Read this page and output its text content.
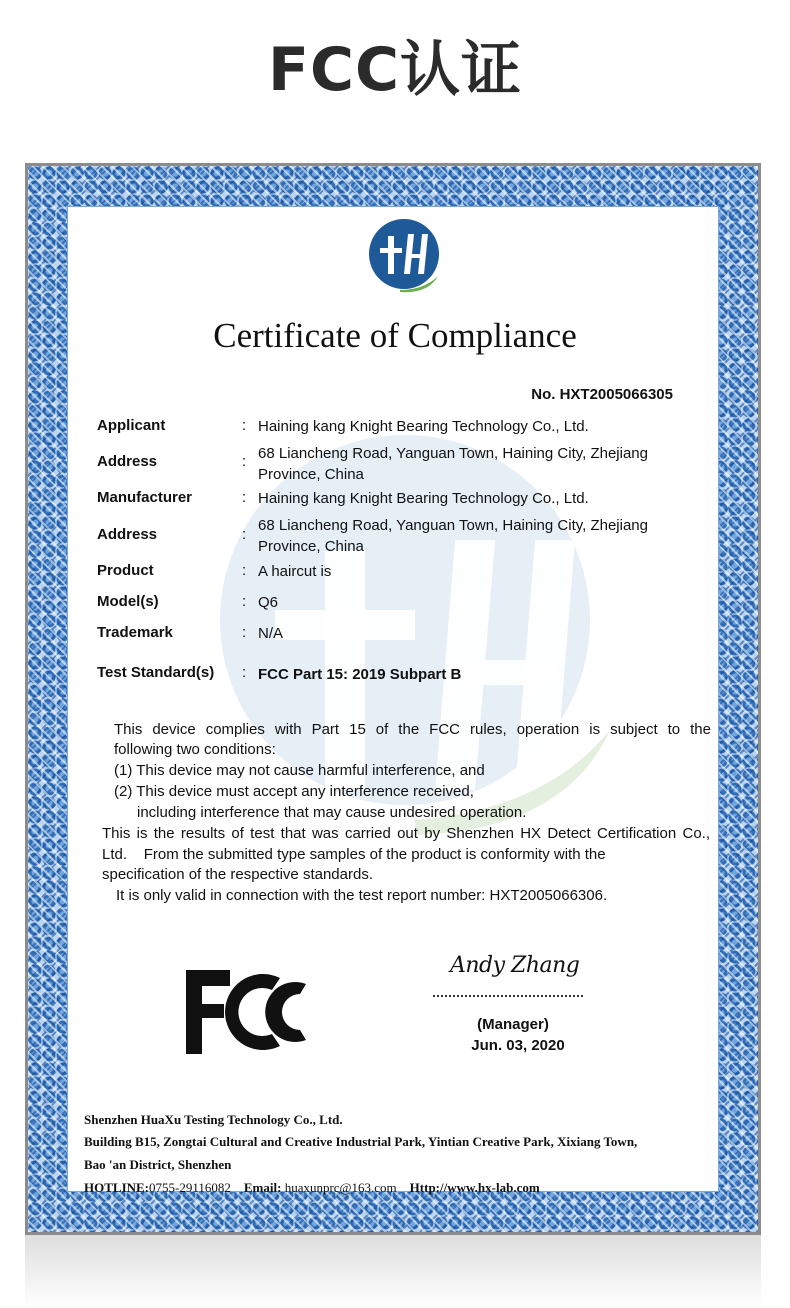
FCC认证
Certificate of Compliance
No. HXT2005066305
Applicant	: Haining kang Knight Bearing Technology Co., Ltd.
Address	: 68 Liancheng Road, Yanguan Town, Haining City, Zhejiang
Province, China
Manufacturer	: Haining kang Knight Bearing Technology Co., Ltd.
Address	:
68 Liancheng Road, Yanguan Town, Haining City, Zhejiang
Province, China
Product	: A haircut is
Model(s)	: Q6
Trademark	: N/A
Test Standard(s) : FCC Part 15: 2019 Subpart B
This device complies with Part 15 of the FCC rules, operation is subject to the
following two conditions:
(1) This device may not cause harmful interference, and
(2) This device must accept any interference received,
including interference that may cause undesired operation.
This is the results of test that was carried out by Shenzhen HX Detect Certification Co.,
Ltd.    From the submitted type samples of the product is conformity with the
specification of the respective standards.
It is only valid in connection with the test report number: HXT2005066306.
Andy Zhang
(Manager)
Jun. 03, 2020
Shenzhen HuaXu Testing Technology Co., Ltd.
Building B15, Zongtai Cultural and Creative Industrial Park, Yintian Creative Park, Xixiang Town,
Bao 'an District, Shenzhen
HOTLINE:0755-29116082 Email: huaxunprc@163.com Http://www.hx-lab.com
